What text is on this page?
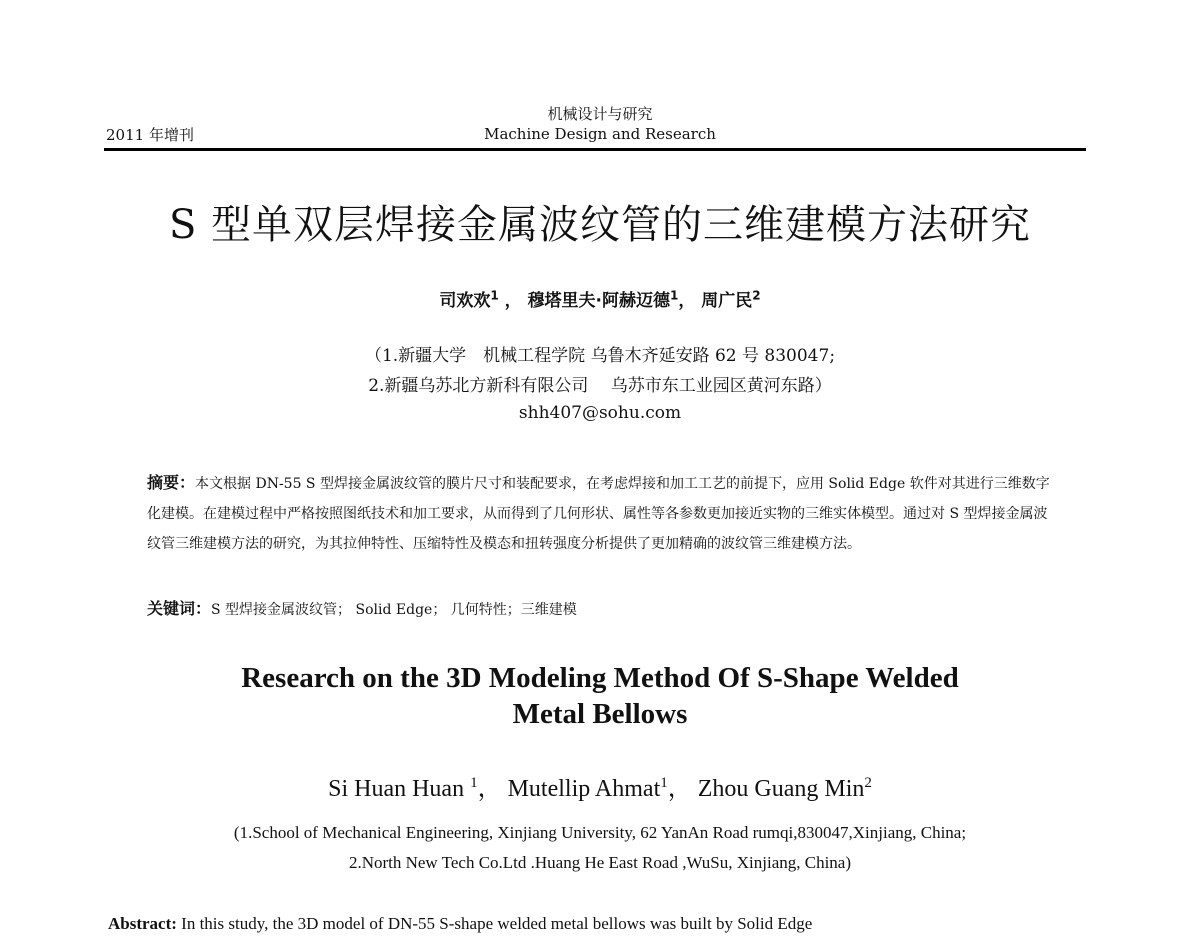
机械设计与研究
2011 年增刊	Machine Design and Research
S 型单双层焊接金属波纹管的三维建模方法研究
司欢欢$^1$ ， 穆塔里夫·阿赫迈德$^1$， 周广民$^2$
（1.新疆大学　机械工程学院 乌鲁木齐延安路 62 号 830047;
2.新疆乌苏北方新科有限公司　 乌苏市东工业园区黄河东路）
shh407@sohu.com
摘要：本文根据 DN-55 S 型焊接金属波纹管的膜片尺寸和装配要求，在考虑焊接和加工工艺的前提下，应用 Solid Edge 软件对其进行三维数字化建模。在建模过程中严格按照图纸技术和加工要求，从而得到了几何形状、属性等各参数更加接近实物的三维实体模型。通过对 S 型焊接金属波纹管三维建模方法的研究，为其拉伸特性、压缩特性及模态和扭转强度分析提供了更加精确的波纹管三维建模方法。
关键词：S 型焊接金属波纹管； Solid Edge； 几何特性；三维建模
Research on the 3D Modeling Method Of S-Shape Welded
Metal Bellows
Si Huan Huan $^1$， Mutellip Ahmat$^1$， Zhou Guang Min$^2$
(1.School of Mechanical Engineering, Xinjiang University, 62 YanAn Road rumqi,830047,Xinjiang, China;
2.North New Tech Co.Ltd .Huang He East Road ,WuSu, Xinjiang, China)
Abstract: In this study, the 3D model of DN-55 S-shape welded metal bellows was built by Solid Edge
